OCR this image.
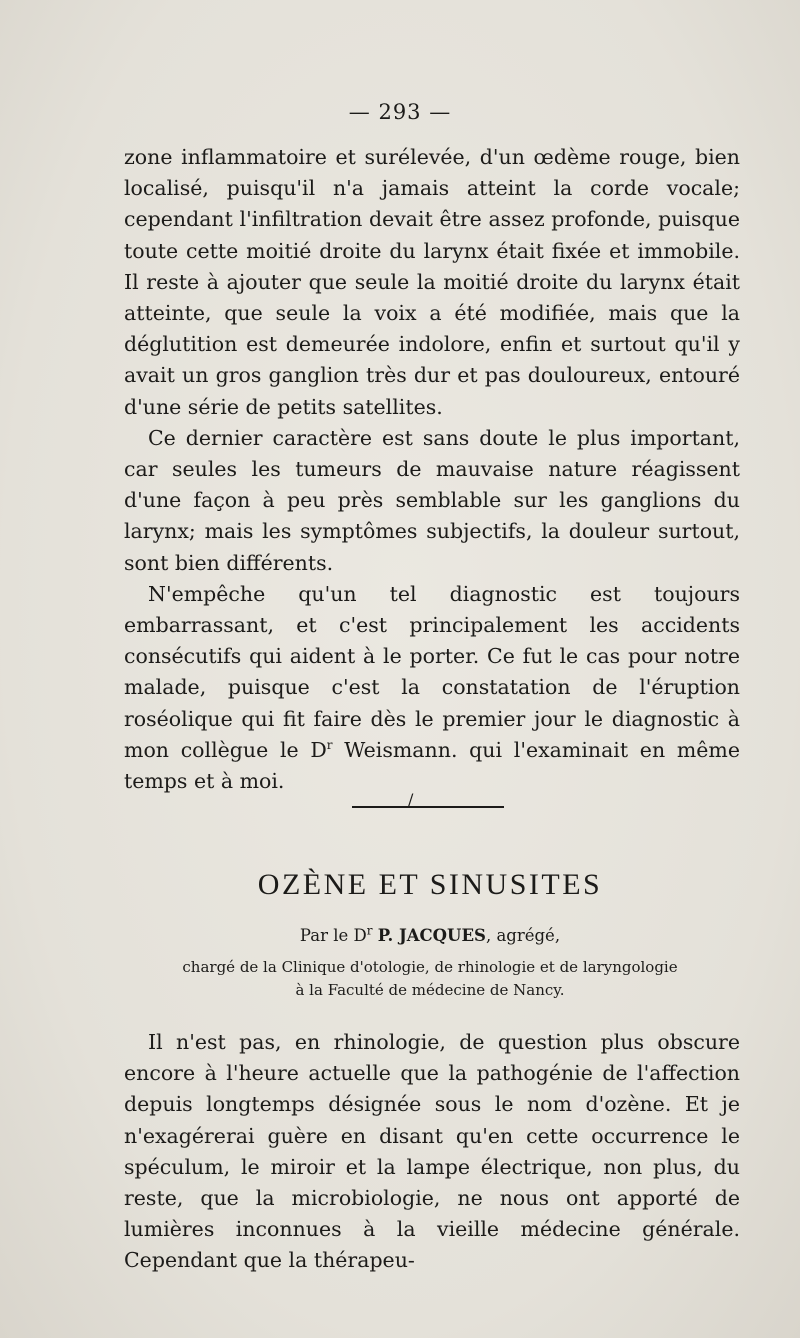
— 293 —

zone inflammatoire et surélevée, d'un œdème rouge, bien localisé, puisqu'il n'a jamais atteint la corde vocale; cependant l'infiltration devait être assez profonde, puisque toute cette moitié droite du larynx était fixée et immobile. Il reste à ajouter que seule la moitié droite du larynx était atteinte, que seule la voix a été modifiée, mais que la déglutition est demeurée indolore, enfin et surtout qu'il y avait un gros ganglion très dur et pas douloureux, entouré d'une série de petits satellites.

Ce dernier caractère est sans doute le plus important, car seules les tumeurs de mauvaise nature réagissent d'une façon à peu près semblable sur les ganglions du larynx; mais les symptômes subjectifs, la douleur surtout, sont bien différents.

N'empêche qu'un tel diagnostic est toujours embarrassant, et c'est principalement les accidents consécutifs qui aident à le porter. Ce fut le cas pour notre malade, puisque c'est la constatation de l'éruption roséolique qui fit faire dès le premier jour le diagnostic à mon collègue le $D^r$ Weismann. qui l'examinait en même temps et à moi.

/
OZÈNE ET SINUSITES
Par le $D^r$ P. JACQUES, agrégé,
chargé de la Clinique d'otologie, de rhinologie et de laryngologie
à la Faculté de médecine de Nancy.

Il n'est pas, en rhinologie, de question plus obscure encore à l'heure actuelle que la pathogénie de l'affection depuis longtemps désignée sous le nom d'ozène. Et je n'exagérerai guère en disant qu'en cette occurrence le spéculum, le miroir et la lampe électrique, non plus, du reste, que la microbiologie, ne nous ont apporté de lumières inconnues à la vieille médecine générale. Cependant que la thérapeu-
